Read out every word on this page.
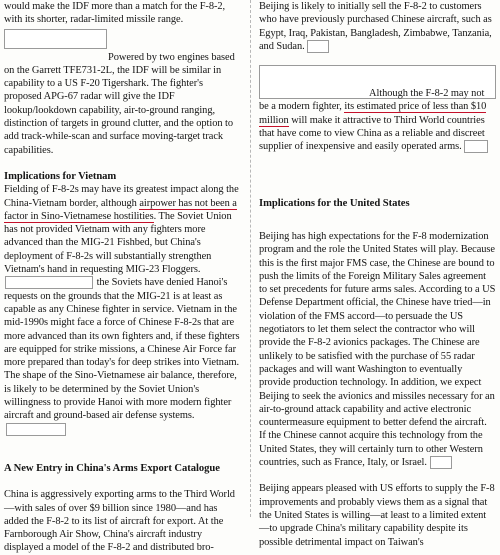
would make the IDF more than a match for the F-8-2, with its shorter, radar-limited missile range.

Powered by two engines based on the Garrett TFE731-2L, the IDF will be similar in capability to a US F-20 Tigershark. The fighter's proposed APG-67 radar will give the IDF lookup/lookdown capability, air-to-ground ranging, distinction of targets in ground clutter, and the option to add track-while-scan and surface moving-target track capabilities.

Implications for Vietnam

Fielding of F-8-2s may have its greatest impact along the China-Vietnam border, although airpower has not been a factor in Sino-Vietnamese hostilities. The Soviet Union has not provided Vietnam with any fighters more advanced than the MIG-21 Fishbed, but China's deployment of F-8-2s will substantially strengthen Vietnam's hand in requesting MIG-23 Floggers.  the Soviets have denied Hanoi's requests on the grounds that the MIG-21 is at least as capable as any Chinese fighter in service. Vietnam in the mid-1990s might face a force of Chinese F-8-2s that are more advanced than its own fighters and, if these fighters are equipped for strike missions, a Chinese Air Force far more prepared than today's for deep strikes into Vietnam. The shape of the Sino-Vietnamese air balance, therefore, is likely to be determined by the Soviet Union's willingness to provide Hanoi with more modern fighter aircraft and ground-based air defense systems.

A New Entry in China's Arms Export Catalogue

China is aggressively exporting arms to the Third World—with sales of over $9 billion since 1980—and has added the F-8-2 to its list of aircraft for export. At the Farnborough Air Show, China's aircraft industry displayed a model of the F-8-2 and distributed bro-

Beijing is likely to initially sell the F-8-2 to customers who have previously purchased Chinese aircraft, such as Egypt, Iraq, Pakistan, Bangladesh, Zimbabwe, Tanzania, and Sudan.

Although the F-8-2 may not be a modern fighter, its estimated price of less than $10 million will make it attractive to Third World countries that have come to view China as a reliable and discreet supplier of inexpensive and easily operated arms.

Implications for the United States

Beijing has high expectations for the F-8 modernization program and the role the United States will play. Because this is the first major FMS case, the Chinese are bound to push the limits of the Foreign Military Sales agreement to set precedents for future arms sales. According to a US Defense Department official, the Chinese have tried—in violation of the FMS accord—to persuade the US negotiators to let them select the contractor who will provide the F-8-2 avionics packages. The Chinese are unlikely to be satisfied with the purchase of 55 radar packages and will want Washington to eventually provide production technology. In addition, we expect Beijing to seek the avionics and missiles necessary for an air-to-ground attack capability and active electronic countermeasure equipment to better defend the aircraft. If the Chinese cannot acquire this technology from the United States, they will certainly turn to other Western countries, such as France, Italy, or Israel.

Beijing appears pleased with US efforts to supply the F-8 improvements and probably views them as a signal that the United States is willing—at least to a limited extent—to upgrade China's military capability despite its possible detrimental impact on Taiwan's
